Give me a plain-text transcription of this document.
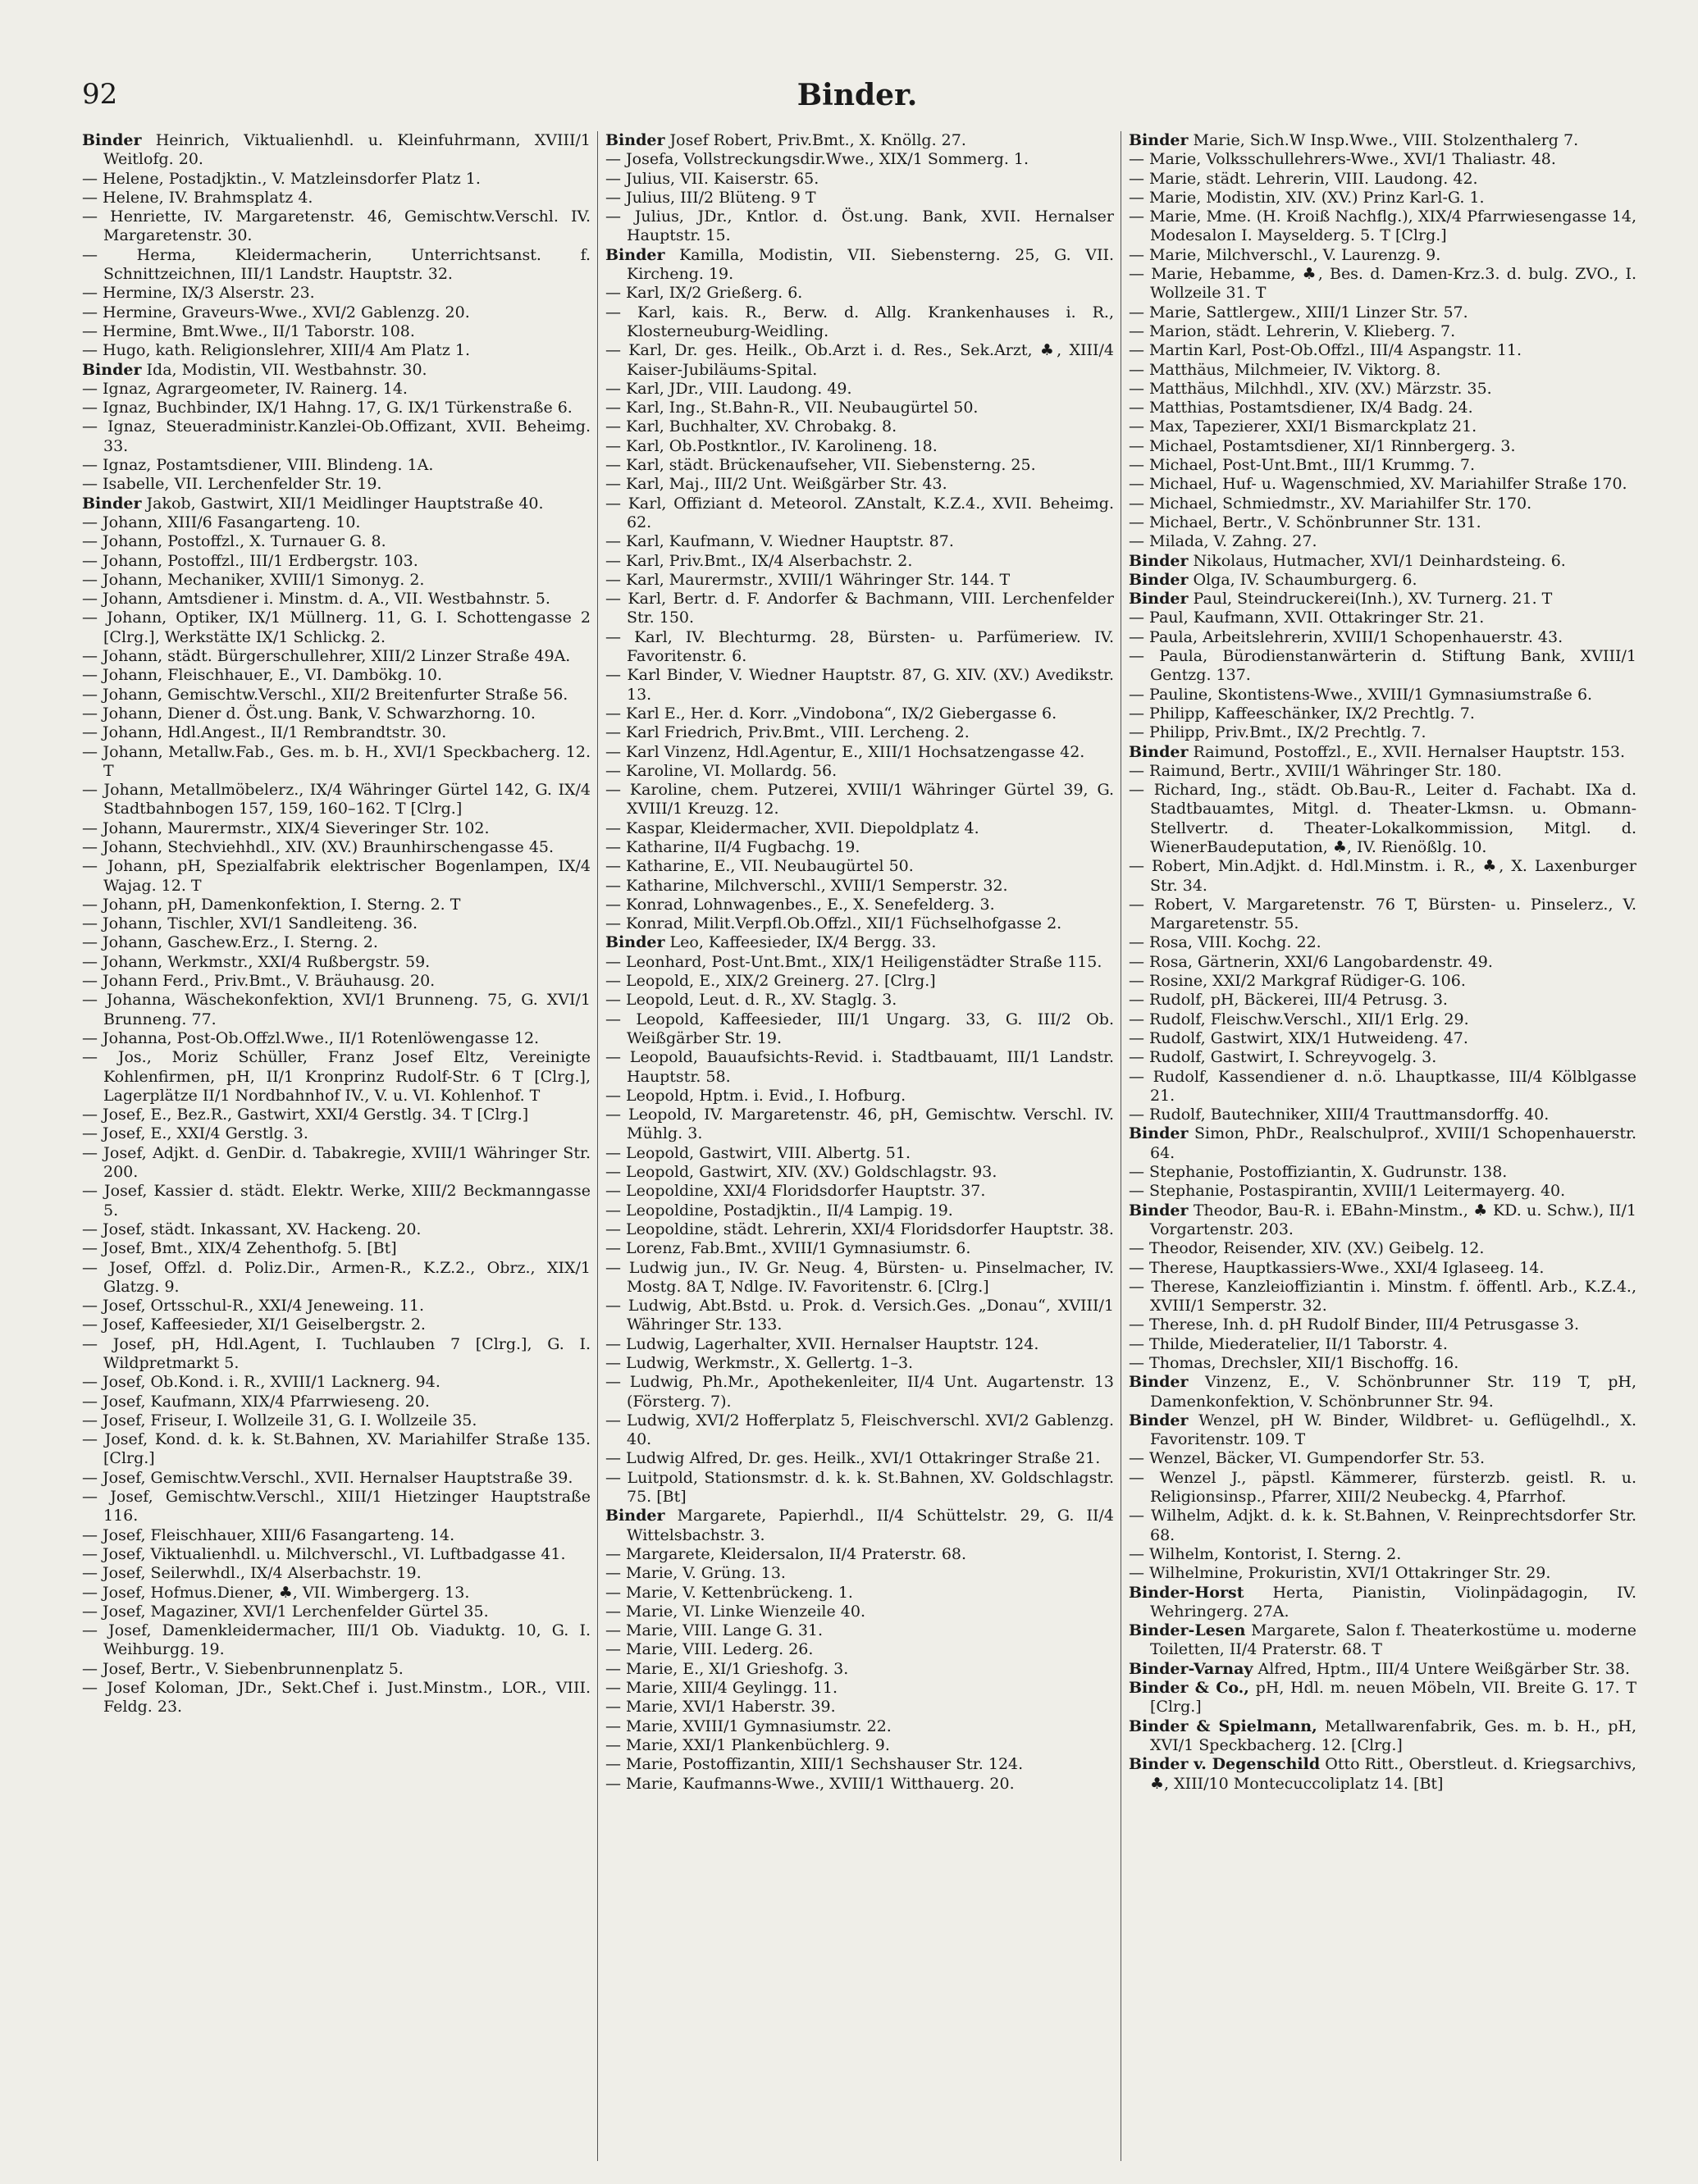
92	Binder.

Binder Heinrich, Viktualienhdl. u. Kleinfuhrmann, XVIII/1 Weitlofg. 20.

— Helene, Postadjktin., V. Matzleinsdorfer Platz 1.

— Helene, IV. Brahmsplatz 4.

— Henriette, IV. Margaretenstr. 46, Gemischtw.Verschl. IV. Margaretenstr. 30.

— Herma, Kleidermacherin, Unterrichtsanst. f. Schnittzeichnen, III/1 Landstr. Hauptstr. 32.

— Hermine, IX/3 Alserstr. 23.

— Hermine, Graveurs-Wwe., XVI/2 Gablenzg. 20.

— Hermine, Bmt.Wwe., II/1 Taborstr. 108.

— Hugo, kath. Religionslehrer, XIII/4 Am Platz 1.

Binder Ida, Modistin, VII. Westbahnstr. 30.

— Ignaz, Agrargeometer, IV. Rainerg. 14.

— Ignaz, Buchbinder, IX/1 Hahng. 17, G. IX/1 Türkenstraße 6.

— Ignaz, Steueradministr.Kanzlei-Ob.Offizant, XVII. Beheimg. 33.

— Ignaz, Postamtsdiener, VIII. Blindeng. 1A.

— Isabelle, VII. Lerchenfelder Str. 19.

Binder Jakob, Gastwirt, XII/1 Meidlinger Hauptstraße 40.

— Johann, XIII/6 Fasangarteng. 10.

— Johann, Postoffzl., X. Turnauer G. 8.

— Johann, Postoffzl., III/1 Erdbergstr. 103.

— Johann, Mechaniker, XVIII/1 Simonyg. 2.

— Johann, Amtsdiener i. Minstm. d. A., VII. Westbahnstr. 5.

— Johann, Optiker, IX/1 Müllnerg. 11, G. I. Schottengasse 2 [Clrg.], Werkstätte IX/1 Schlickg. 2.

— Johann, städt. Bürgerschullehrer, XIII/2 Linzer Straße 49A.

— Johann, Fleischhauer, E., VI. Dambökg. 10.

— Johann, Gemischtw.Verschl., XII/2 Breitenfurter Straße 56.

— Johann, Diener d. Öst.ung. Bank, V. Schwarzhorng. 10.

— Johann, Hdl.Angest., II/1 Rembrandtstr. 30.

— Johann, Metallw.Fab., Ges. m. b. H., XVI/1 Speckbacherg. 12. T

— Johann, Metallmöbelerz., IX/4 Währinger Gürtel 142, G. IX/4 Stadtbahnbogen 157, 159, 160–162. T [Clrg.]

— Johann, Maurermstr., XIX/4 Sieveringer Str. 102.

— Johann, Stechviehhdl., XIV. (XV.) Braunhirschengasse 45.

— Johann, pH, Spezialfabrik elektrischer Bogenlampen, IX/4 Wajag. 12. T

— Johann, pH, Damenkonfektion, I. Sterng. 2. T

— Johann, Tischler, XVI/1 Sandleiteng. 36.

— Johann, Gaschew.Erz., I. Sterng. 2.

— Johann, Werkmstr., XXI/4 Rußbergstr. 59.

— Johann Ferd., Priv.Bmt., V. Bräuhausg. 20.

— Johanna, Wäschekonfektion, XVI/1 Brunneng. 75, G. XVI/1 Brunneng. 77.

— Johanna, Post-Ob.Offzl.Wwe., II/1 Rotenlöwengasse 12.

— Jos., Moriz Schüller, Franz Josef Eltz, Vereinigte Kohlenfirmen, pH, II/1 Kronprinz Rudolf-Str. 6 T [Clrg.], Lagerplätze II/1 Nordbahnhof IV., V. u. VI. Kohlenhof. T

— Josef, E., Bez.R., Gastwirt, XXI/4 Gerstlg. 34. T [Clrg.]

— Josef, E., XXI/4 Gerstlg. 3.

— Josef, Adjkt. d. GenDir. d. Tabakregie, XVIII/1 Währinger Str. 200.

— Josef, Kassier d. städt. Elektr. Werke, XIII/2 Beckmanngasse 5.

— Josef, städt. Inkassant, XV. Hackeng. 20.

— Josef, Bmt., XIX/4 Zehenthofg. 5. [Bt]

— Josef, Offzl. d. Poliz.Dir., Armen-R., K.Z.2., Obrz., XIX/1 Glatzg. 9.

— Josef, Ortsschul-R., XXI/4 Jeneweing. 11.

— Josef, Kaffeesieder, XI/1 Geiselbergstr. 2.

— Josef, pH, Hdl.Agent, I. Tuchlauben 7 [Clrg.], G. I. Wildpretmarkt 5.

— Josef, Ob.Kond. i. R., XVIII/1 Lacknerg. 94.

— Josef, Kaufmann, XIX/4 Pfarrwieseng. 20.

— Josef, Friseur, I. Wollzeile 31, G. I. Wollzeile 35.

— Josef, Kond. d. k. k. St.Bahnen, XV. Mariahilfer Straße 135. [Clrg.]

— Josef, Gemischtw.Verschl., XVII. Hernalser Hauptstraße 39.

— Josef, Gemischtw.Verschl., XIII/1 Hietzinger Hauptstraße 116.

— Josef, Fleischhauer, XIII/6 Fasangarteng. 14.

— Josef, Viktualienhdl. u. Milchverschl., VI. Luftbadgasse 41.

— Josef, Seilerwhdl., IX/4 Alserbachstr. 19.

— Josef, Hofmus.Diener, ♣, VII. Wimbergerg. 13.

— Josef, Magaziner, XVI/1 Lerchenfelder Gürtel 35.

— Josef, Damenkleidermacher, III/1 Ob. Viaduktg. 10, G. I. Weihburgg. 19.

— Josef, Bertr., V. Siebenbrunnenplatz 5.

— Josef Koloman, JDr., Sekt.Chef i. Just.Minstm., LOR., VIII. Feldg. 23.

Binder Josef Robert, Priv.Bmt., X. Knöllg. 27.

— Josefa, Vollstreckungsdir.Wwe., XIX/1 Sommerg. 1.

— Julius, VII. Kaiserstr. 65.

— Julius, III/2 Blüteng. 9 T

— Julius, JDr., Kntlor. d. Öst.ung. Bank, XVII. Hernalser Hauptstr. 15.

Binder Kamilla, Modistin, VII. Siebensterng. 25, G. VII. Kircheng. 19.

— Karl, IX/2 Grießerg. 6.

— Karl, kais. R., Berw. d. Allg. Krankenhauses i. R., Klosterneuburg-Weidling.

— Karl, Dr. ges. Heilk., Ob.Arzt i. d. Res., Sek.Arzt, ♣, XIII/4 Kaiser-Jubiläums-Spital.

— Karl, JDr., VIII. Laudong. 49.

— Karl, Ing., St.Bahn-R., VII. Neubaugürtel 50.

— Karl, Buchhalter, XV. Chrobakg. 8.

— Karl, Ob.Postkntlor., IV. Karolineng. 18.

— Karl, städt. Brückenaufseher, VII. Siebensterng. 25.

— Karl, Maj., III/2 Unt. Weißgärber Str. 43.

— Karl, Offiziant d. Meteorol. ZAnstalt, K.Z.4., XVII. Beheimg. 62.

— Karl, Kaufmann, V. Wiedner Hauptstr. 87.

— Karl, Priv.Bmt., IX/4 Alserbachstr. 2.

— Karl, Maurermstr., XVIII/1 Währinger Str. 144. T

— Karl, Bertr. d. F. Andorfer & Bachmann, VIII. Lerchenfelder Str. 150.

— Karl, IV. Blechturmg. 28, Bürsten- u. Parfümeriew. IV. Favoritenstr. 6.

— Karl Binder, V. Wiedner Hauptstr. 87, G. XIV. (XV.) Avedikstr. 13.

— Karl E., Her. d. Korr. „Vindobona“, IX/2 Giebergasse 6.

— Karl Friedrich, Priv.Bmt., VIII. Lercheng. 2.

— Karl Vinzenz, Hdl.Agentur, E., XIII/1 Hochsatzengasse 42.

— Karoline, VI. Mollardg. 56.

— Karoline, chem. Putzerei, XVIII/1 Währinger Gürtel 39, G. XVIII/1 Kreuzg. 12.

— Kaspar, Kleidermacher, XVII. Diepoldplatz 4.

— Katharine, II/4 Fugbachg. 19.

— Katharine, E., VII. Neubaugürtel 50.

— Katharine, Milchverschl., XVIII/1 Semperstr. 32.

— Konrad, Lohnwagenbes., E., X. Senefelderg. 3.

— Konrad, Milit.Verpfl.Ob.Offzl., XII/1 Füchselhofgasse 2.

Binder Leo, Kaffeesieder, IX/4 Bergg. 33.

— Leonhard, Post-Unt.Bmt., XIX/1 Heiligenstädter Straße 115.

— Leopold, E., XIX/2 Greinerg. 27. [Clrg.]

— Leopold, Leut. d. R., XV. Staglg. 3.

— Leopold, Kaffeesieder, III/1 Ungarg. 33, G. III/2 Ob. Weißgärber Str. 19.

— Leopold, Bauaufsichts-Revid. i. Stadtbauamt, III/1 Landstr. Hauptstr. 58.

— Leopold, Hptm. i. Evid., I. Hofburg.

— Leopold, IV. Margaretenstr. 46, pH, Gemischtw. Verschl. IV. Mühlg. 3.

— Leopold, Gastwirt, VIII. Albertg. 51.

— Leopold, Gastwirt, XIV. (XV.) Goldschlagstr. 93.

— Leopoldine, XXI/4 Floridsdorfer Hauptstr. 37.

— Leopoldine, Postadjktin., II/4 Lampig. 19.

— Leopoldine, städt. Lehrerin, XXI/4 Floridsdorfer Hauptstr. 38.

— Lorenz, Fab.Bmt., XVIII/1 Gymnasiumstr. 6.

— Ludwig jun., IV. Gr. Neug. 4, Bürsten- u. Pinselmacher, IV. Mostg. 8A T, Ndlge. IV. Favoritenstr. 6. [Clrg.]

— Ludwig, Abt.Bstd. u. Prok. d. Versich.Ges. „Donau“, XVIII/1 Währinger Str. 133.

— Ludwig, Lagerhalter, XVII. Hernalser Hauptstr. 124.

— Ludwig, Werkmstr., X. Gellertg. 1–3.

— Ludwig, Ph.Mr., Apothekenleiter, II/4 Unt. Augartenstr. 13 (Försterg. 7).

— Ludwig, XVI/2 Hofferplatz 5, Fleischverschl. XVI/2 Gablenzg. 40.

— Ludwig Alfred, Dr. ges. Heilk., XVI/1 Ottakringer Straße 21.

— Luitpold, Stationsmstr. d. k. k. St.Bahnen, XV. Goldschlagstr. 75. [Bt]

Binder Margarete, Papierhdl., II/4 Schüttelstr. 29, G. II/4 Wittelsbachstr. 3.

— Margarete, Kleidersalon, II/4 Praterstr. 68.

— Marie, V. Grüng. 13.

— Marie, V. Kettenbrückeng. 1.

— Marie, VI. Linke Wienzeile 40.

— Marie, VIII. Lange G. 31.

— Marie, VIII. Lederg. 26.

— Marie, E., XI/1 Grieshofg. 3.

— Marie, XIII/4 Geylingg. 11.

— Marie, XVI/1 Haberstr. 39.

— Marie, XVIII/1 Gymnasiumstr. 22.

— Marie, XXI/1 Plankenbüchlerg. 9.

— Marie, Postoffizantin, XIII/1 Sechshauser Str. 124.

— Marie, Kaufmanns-Wwe., XVIII/1 Witthauerg. 20.

Binder Marie, Sich.W Insp.Wwe., VIII. Stolzenthalerg 7.

— Marie, Volksschullehrers-Wwe., XVI/1 Thaliastr. 48.

— Marie, städt. Lehrerin, VIII. Laudong. 42.

— Marie, Modistin, XIV. (XV.) Prinz Karl-G. 1.

— Marie, Mme. (H. Kroiß Nachflg.), XIX/4 Pfarrwiesengasse 14, Modesalon I. Mayselderg. 5. T [Clrg.]

— Marie, Milchverschl., V. Laurenzg. 9.

— Marie, Hebamme, ♣, Bes. d. Damen-Krz.3. d. bulg. ZVO., I. Wollzeile 31. T

— Marie, Sattlergew., XIII/1 Linzer Str. 57.

— Marion, städt. Lehrerin, V. Klieberg. 7.

— Martin Karl, Post-Ob.Offzl., III/4 Aspangstr. 11.

— Matthäus, Milchmeier, IV. Viktorg. 8.

— Matthäus, Milchhdl., XIV. (XV.) Märzstr. 35.

— Matthias, Postamtsdiener, IX/4 Badg. 24.

— Max, Tapezierer, XXI/1 Bismarckplatz 21.

— Michael, Postamtsdiener, XI/1 Rinnbergerg. 3.

— Michael, Post-Unt.Bmt., III/1 Krummg. 7.

— Michael, Huf- u. Wagenschmied, XV. Mariahilfer Straße 170.

— Michael, Schmiedmstr., XV. Mariahilfer Str. 170.

— Michael, Bertr., V. Schönbrunner Str. 131.

— Milada, V. Zahng. 27.

Binder Nikolaus, Hutmacher, XVI/1 Deinhardsteing. 6.

Binder Olga, IV. Schaumburgerg. 6.

Binder Paul, Steindruckerei(Inh.), XV. Turnerg. 21. T

— Paul, Kaufmann, XVII. Ottakringer Str. 21.

— Paula, Arbeitslehrerin, XVIII/1 Schopenhauerstr. 43.

— Paula, Bürodienstanwärterin d. Stiftung Bank, XVIII/1 Gentzg. 137.

— Pauline, Skontistens-Wwe., XVIII/1 Gymnasiumstraße 6.

— Philipp, Kaffeeschänker, IX/2 Prechtlg. 7.

— Philipp, Priv.Bmt., IX/2 Prechtlg. 7.

Binder Raimund, Postoffzl., E., XVII. Hernalser Hauptstr. 153.

— Raimund, Bertr., XVIII/1 Währinger Str. 180.

— Richard, Ing., städt. Ob.Bau-R., Leiter d. Fachabt. IXa d. Stadtbauamtes, Mitgl. d. Theater-Lkmsn. u. Obmann-Stellvertr. d. Theater-Lokalkommission, Mitgl. d. WienerBaudeputation, ♣, IV. Rienößlg. 10.

— Robert, Min.Adjkt. d. Hdl.Minstm. i. R., ♣, X. Laxenburger Str. 34.

— Robert, V. Margaretenstr. 76 T, Bürsten- u. Pinselerz., V. Margaretenstr. 55.

— Rosa, VIII. Kochg. 22.

— Rosa, Gärtnerin, XXI/6 Langobardenstr. 49.

— Rosine, XXI/2 Markgraf Rüdiger-G. 106.

— Rudolf, pH, Bäckerei, III/4 Petrusg. 3.

— Rudolf, Fleischw.Verschl., XII/1 Erlg. 29.

— Rudolf, Gastwirt, XIX/1 Hutweideng. 47.

— Rudolf, Gastwirt, I. Schreyvogelg. 3.

— Rudolf, Kassendiener d. n.ö. Lhauptkasse, III/4 Kölblgasse 21.

— Rudolf, Bautechniker, XIII/4 Trauttmansdorffg. 40.

Binder Simon, PhDr., Realschulprof., XVIII/1 Schopenhauerstr. 64.

— Stephanie, Postoffiziantin, X. Gudrunstr. 138.

— Stephanie, Postaspirantin, XVIII/1 Leitermayerg. 40.

Binder Theodor, Bau-R. i. EBahn-Minstm., ♣ KD. u. Schw.), II/1 Vorgartenstr. 203.

— Theodor, Reisender, XIV. (XV.) Geibelg. 12.

— Therese, Hauptkassiers-Wwe., XXI/4 Iglaseeg. 14.

— Therese, Kanzleioffiziantin i. Minstm. f. öffentl. Arb., K.Z.4., XVIII/1 Semperstr. 32.

— Therese, Inh. d. pH Rudolf Binder, III/4 Petrusgasse 3.

— Thilde, Miederatelier, II/1 Taborstr. 4.

— Thomas, Drechsler, XII/1 Bischoffg. 16.

Binder Vinzenz, E., V. Schönbrunner Str. 119 T, pH, Damenkonfektion, V. Schönbrunner Str. 94.

Binder Wenzel, pH W. Binder, Wildbret- u. Geflügelhdl., X. Favoritenstr. 109. T

— Wenzel, Bäcker, VI. Gumpendorfer Str. 53.

— Wenzel J., päpstl. Kämmerer, fürsterzb. geistl. R. u. Religionsinsp., Pfarrer, XIII/2 Neubeckg. 4, Pfarrhof.

— Wilhelm, Adjkt. d. k. k. St.Bahnen, V. Reinprechtsdorfer Str. 68.

— Wilhelm, Kontorist, I. Sterng. 2.

— Wilhelmine, Prokuristin, XVI/1 Ottakringer Str. 29.

Binder-Horst Herta, Pianistin, Violinpädagogin, IV. Wehringerg. 27A.

Binder-Lesen Margarete, Salon f. Theaterkostüme u. moderne Toiletten, II/4 Praterstr. 68. T

Binder-Varnay Alfred, Hptm., III/4 Untere Weißgärber Str. 38.

Binder & Co., pH, Hdl. m. neuen Möbeln, VII. Breite G. 17. T [Clrg.]

Binder & Spielmann, Metallwarenfabrik, Ges. m. b. H., pH, XVI/1 Speckbacherg. 12. [Clrg.]

Binder v. Degenschild Otto Ritt., Oberstleut. d. Kriegsarchivs, ♣, XIII/10 Montecuccoliplatz 14. [Bt]
